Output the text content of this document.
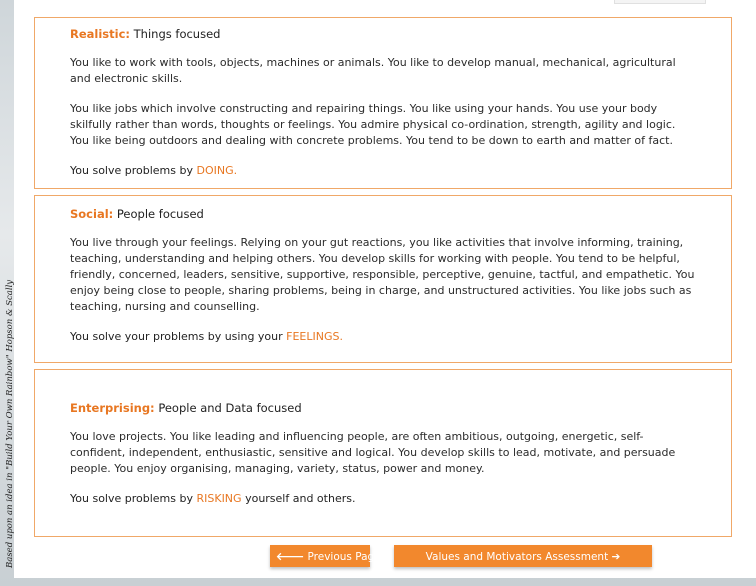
Based upon an idea in "Build Your Own Rainbow" Hopson & Scally
Realistic: Things focused

You like to work with tools, objects, machines or animals. You like to develop manual, mechanical, agricultural and electronic skills.

You like jobs which involve constructing and repairing things. You like using your hands. You use your body skilfully rather than words, thoughts or feelings. You admire physical co-ordination, strength, agility and logic. You like being outdoors and dealing with concrete problems. You tend to be down to earth and matter of fact.

You solve problems by DOING.

Social: People focused

You live through your feelings. Relying on your gut reactions, you like activities that involve informing, training, teaching, understanding and helping others. You develop skills for working with people. You tend to be helpful, friendly, concerned, leaders, sensitive, supportive, responsible, perceptive, genuine, tactful, and empathetic. You enjoy being close to people, sharing problems, being in charge, and unstructured activities. You like jobs such as teaching, nursing and counselling.

You solve your problems by using your FEELINGS.

Enterprising: People and Data focused

You love projects. You like leading and influencing people, are often ambitious, outgoing, energetic, self-confident, independent, enthusiastic, sensitive and logical. You develop skills to lead, motivate, and persuade people. You enjoy organising, managing, variety, status, power and money.

You solve problems by RISKING yourself and others.

🡐 Previous Page	Values and Motivators Assessment ➔
